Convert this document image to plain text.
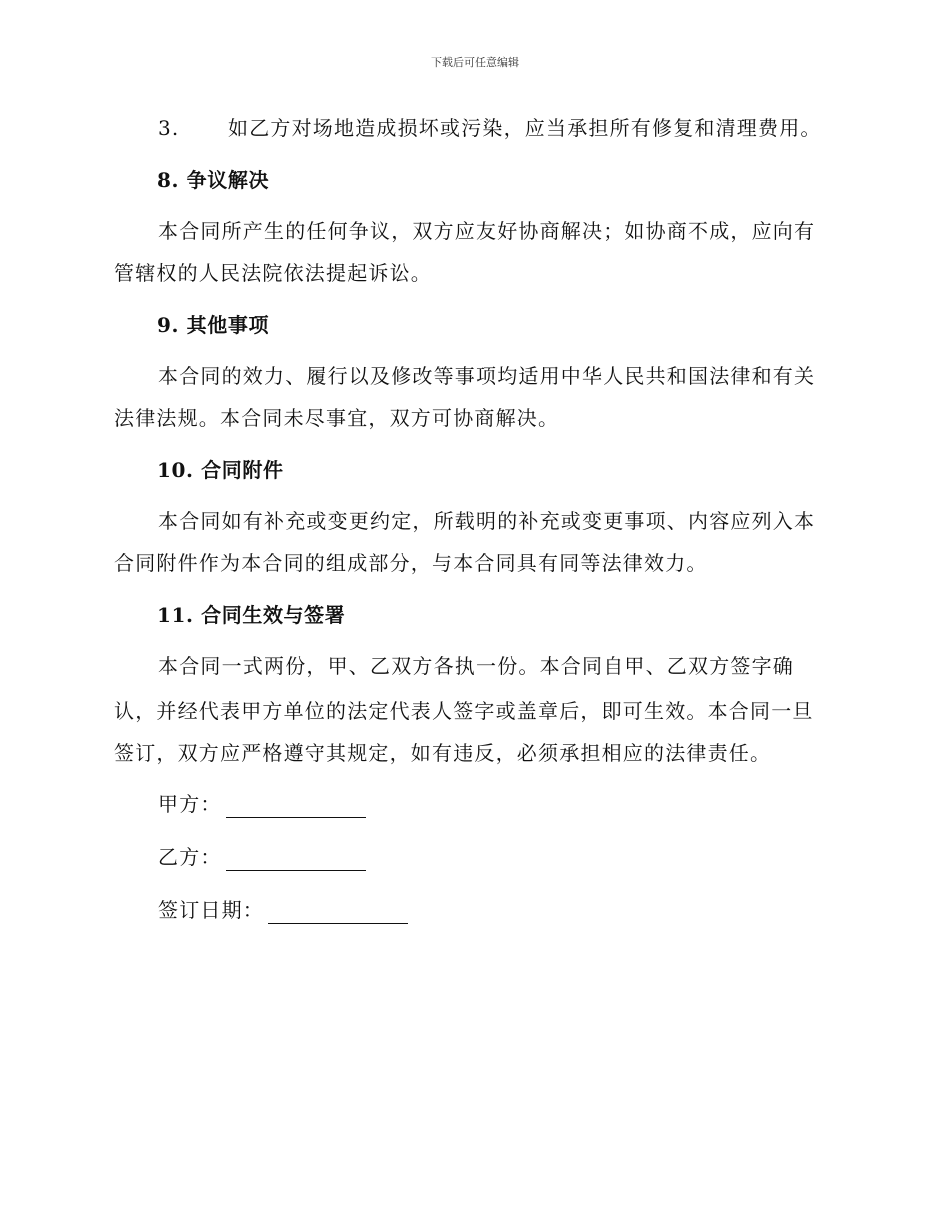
下载后可任意编辑
3. 如乙方对场地造成损坏或污染，应当承担所有修复和清理费用。
8. 争议解决
本合同所产生的任何争议，双方应友好协商解决；如协商不成，应向有
管辖权的人民法院依法提起诉讼。
9. 其他事项
本合同的效力、履行以及修改等事项均适用中华人民共和国法律和有关
法律法规。本合同未尽事宜，双方可协商解决。
10. 合同附件
本合同如有补充或变更约定，所载明的补充或变更事项、内容应列入本
合同附件作为本合同的组成部分，与本合同具有同等法律效力。
11. 合同生效与签署
本合同一式两份，甲、乙双方各执一份。本合同自甲、乙双方签字确
认，并经代表甲方单位的法定代表人签字或盖章后，即可生效。本合同一旦
签订，双方应严格遵守其规定，如有违反，必须承担相应的法律责任。
甲方：
乙方：
签订日期：
